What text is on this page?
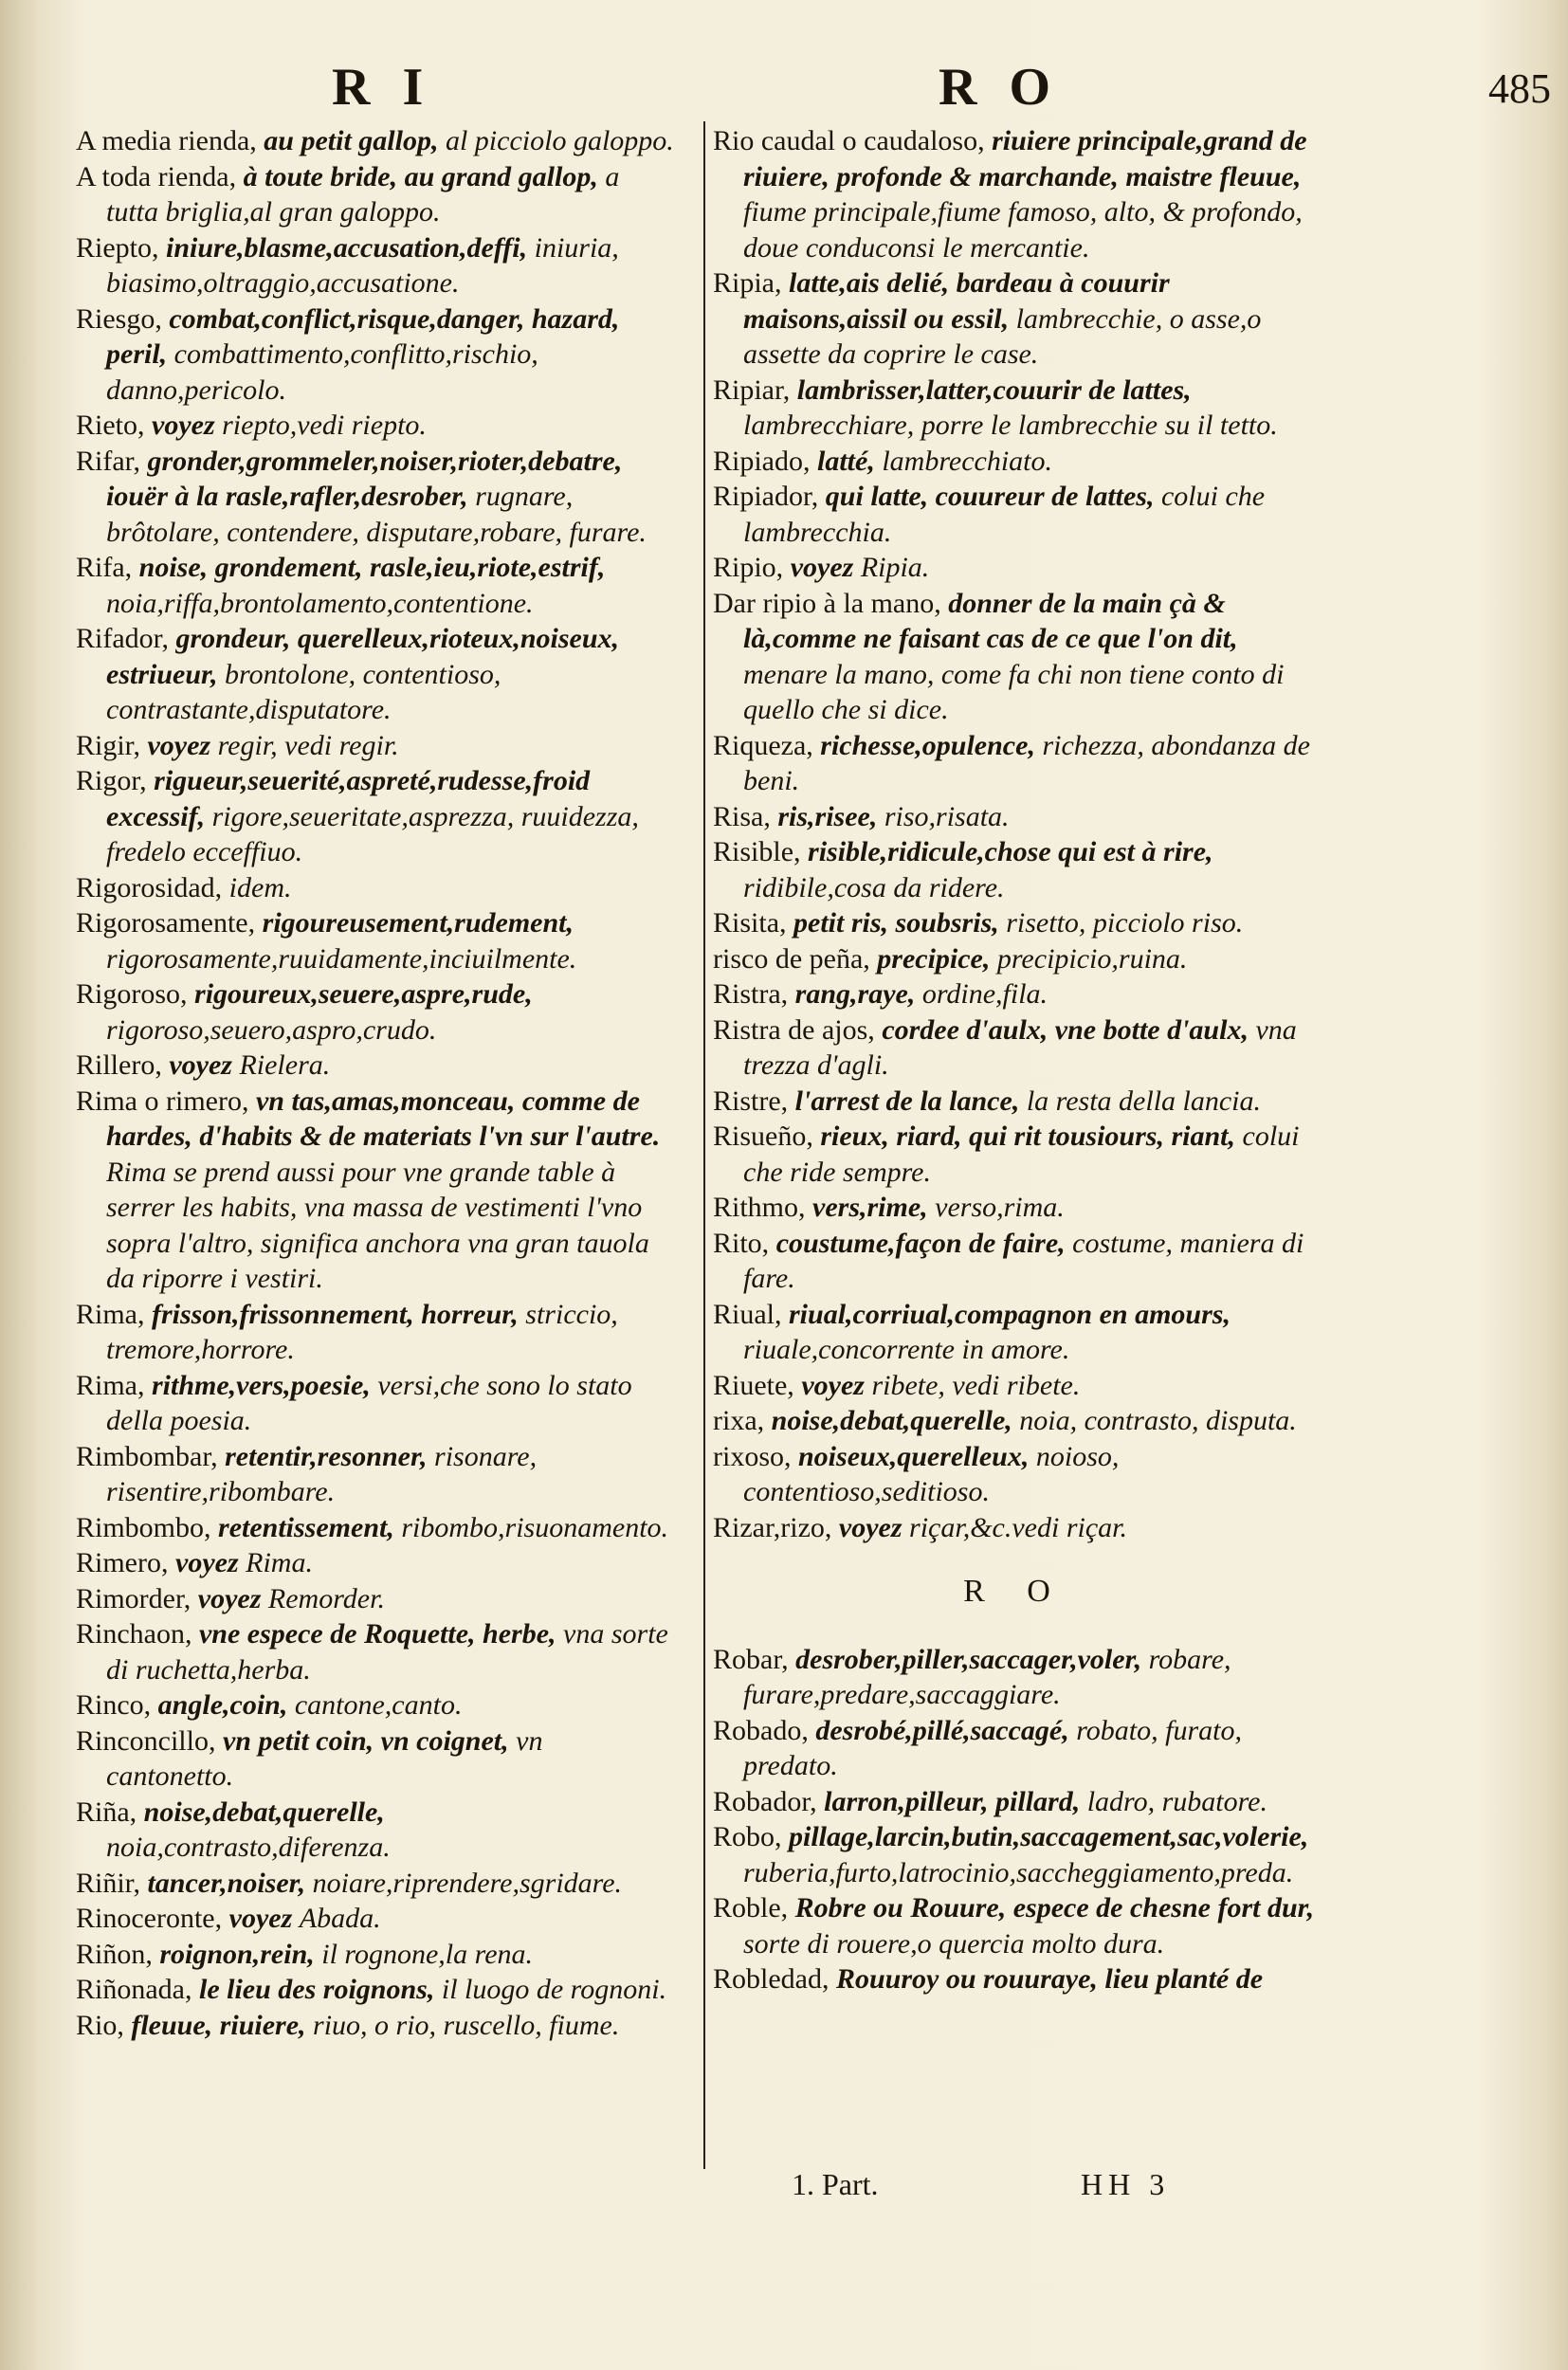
R I	R O	485

A media rienda, au petit gallop, al picciolo galoppo.

A toda rienda, à toute bride, au grand gallop, a tutta briglia,al gran galoppo.

Riepto, iniure,blasme,accusation,deffi, iniuria, biasimo,oltraggio,accusatione.

Riesgo, combat,conflict,risque,danger, hazard, peril, combattimento,conflitto,rischio, danno,pericolo.

Rieto, voyez riepto,vedi riepto.

Rifar, gronder,grommeler,noiser,rioter,debatre, iouër à la rasle,rafler,desrober, rugnare, brôtolare, contendere, disputare,robare, furare.

Rifa, noise, grondement, rasle,ieu,riote,estrif, noia,riffa,brontolamento,contentione.

Rifador, grondeur, querelleux,rioteux,noiseux, estriueur, brontolone, contentioso, contrastante,disputatore.

Rigir, voyez regir, vedi regir.

Rigor, rigueur,seuerité,aspreté,rudesse,froid excessif, rigore,seueritate,asprezza, ruuidezza, fredelo ecceffiuo.

Rigorosidad, idem.

Rigorosamente, rigoureusement,rudement, rigorosamente,ruuidamente,inciuilmente.

Rigoroso, rigoureux,seuere,aspre,rude, rigoroso,seuero,aspro,crudo.

Rillero, voyez Rielera.

Rima o rimero, vn tas,amas,monceau, comme de hardes, d'habits & de materiats l'vn sur l'autre. Rima se prend aussi pour vne grande table à serrer les habits, vna massa de vestimenti l'vno sopra l'altro, significa anchora vna gran tauola da riporre i vestiri.

Rima, frisson,frissonnement, horreur, striccio, tremore,horrore.

Rima, rithme,vers,poesie, versi,che sono lo stato della poesia.

Rimbombar, retentir,resonner, risonare, risentire,ribombare.

Rimbombo, retentissement, ribombo,risuonamento.

Rimero, voyez Rima.

Rimorder, voyez Remorder.

Rinchaon, vne espece de Roquette, herbe, vna sorte di ruchetta,herba.

Rinco, angle,coin, cantone,canto.

Rinconcillo, vn petit coin, vn coignet, vn cantonetto.

Riña, noise,debat,querelle, noia,contrasto,diferenza.

Riñir, tancer,noiser, noiare,riprendere,sgridare.

Rinoceronte, voyez Abada.

Riñon, roignon,rein, il rognone,la rena.

Riñonada, le lieu des roignons, il luogo de rognoni.

Rio, fleuue, riuiere, riuo, o rio, ruscello, fiume.

Rio caudal o caudaloso, riuiere principale,grand de riuiere, profonde & marchande, maistre fleuue, fiume principale,fiume famoso, alto, & profondo, doue conduconsi le mercantie.

Ripia, latte,ais delié, bardeau à couurir maisons,aissil ou essil, lambrecchie, o asse,o assette da coprire le case.

Ripiar, lambrisser,latter,couurir de lattes, lambrecchiare, porre le lambrecchie su il tetto.

Ripiado, latté, lambrecchiato.

Ripiador, qui latte, couureur de lattes, colui che lambrecchia.

Ripio, voyez Ripia.

Dar ripio à la mano, donner de la main çà & là,comme ne faisant cas de ce que l'on dit, menare la mano, come fa chi non tiene conto di quello che si dice.

Riqueza, richesse,opulence, richezza, abondanza de beni.

Risa, ris,risee, riso,risata.

Risible, risible,ridicule,chose qui est à rire, ridibile,cosa da ridere.

Risita, petit ris, soubsris, risetto, picciolo riso.

risco de peña, precipice, precipicio,ruina.

Ristra, rang,raye, ordine,fila.

Ristra de ajos, cordee d'aulx, vne botte d'aulx, vna trezza d'agli.

Ristre, l'arrest de la lance, la resta della lancia.

Risueño, rieux, riard, qui rit tousiours, riant, colui che ride sempre.

Rithmo, vers,rime, verso,rima.

Rito, coustume,façon de faire, costume, maniera di fare.

Riual, riual,corriual,compagnon en amours, riuale,concorrente in amore.

Riuete, voyez ribete, vedi ribete.

rixa, noise,debat,querelle, noia, contrasto, disputa.

rixoso, noiseux,querelleux, noioso, contentioso,seditioso.

Rizar,rizo, voyez riçar,&c.vedi riçar.

R O

Robar, desrober,piller,saccager,voler, robare, furare,predare,saccaggiare.

Robado, desrobé,pillé,saccagé, robato, furato, predato.

Robador, larron,pilleur, pillard, ladro, rubatore.

Robo, pillage,larcin,butin,saccagement,sac,volerie, ruberia,furto,latrocinio,saccheggiamento,preda.

Roble, Robre ou Rouure, espece de chesne fort dur, sorte di rouere,o quercia molto dura.

Robledad, Rouuroy ou rouuraye, lieu planté de

1. Part.	HH 3
